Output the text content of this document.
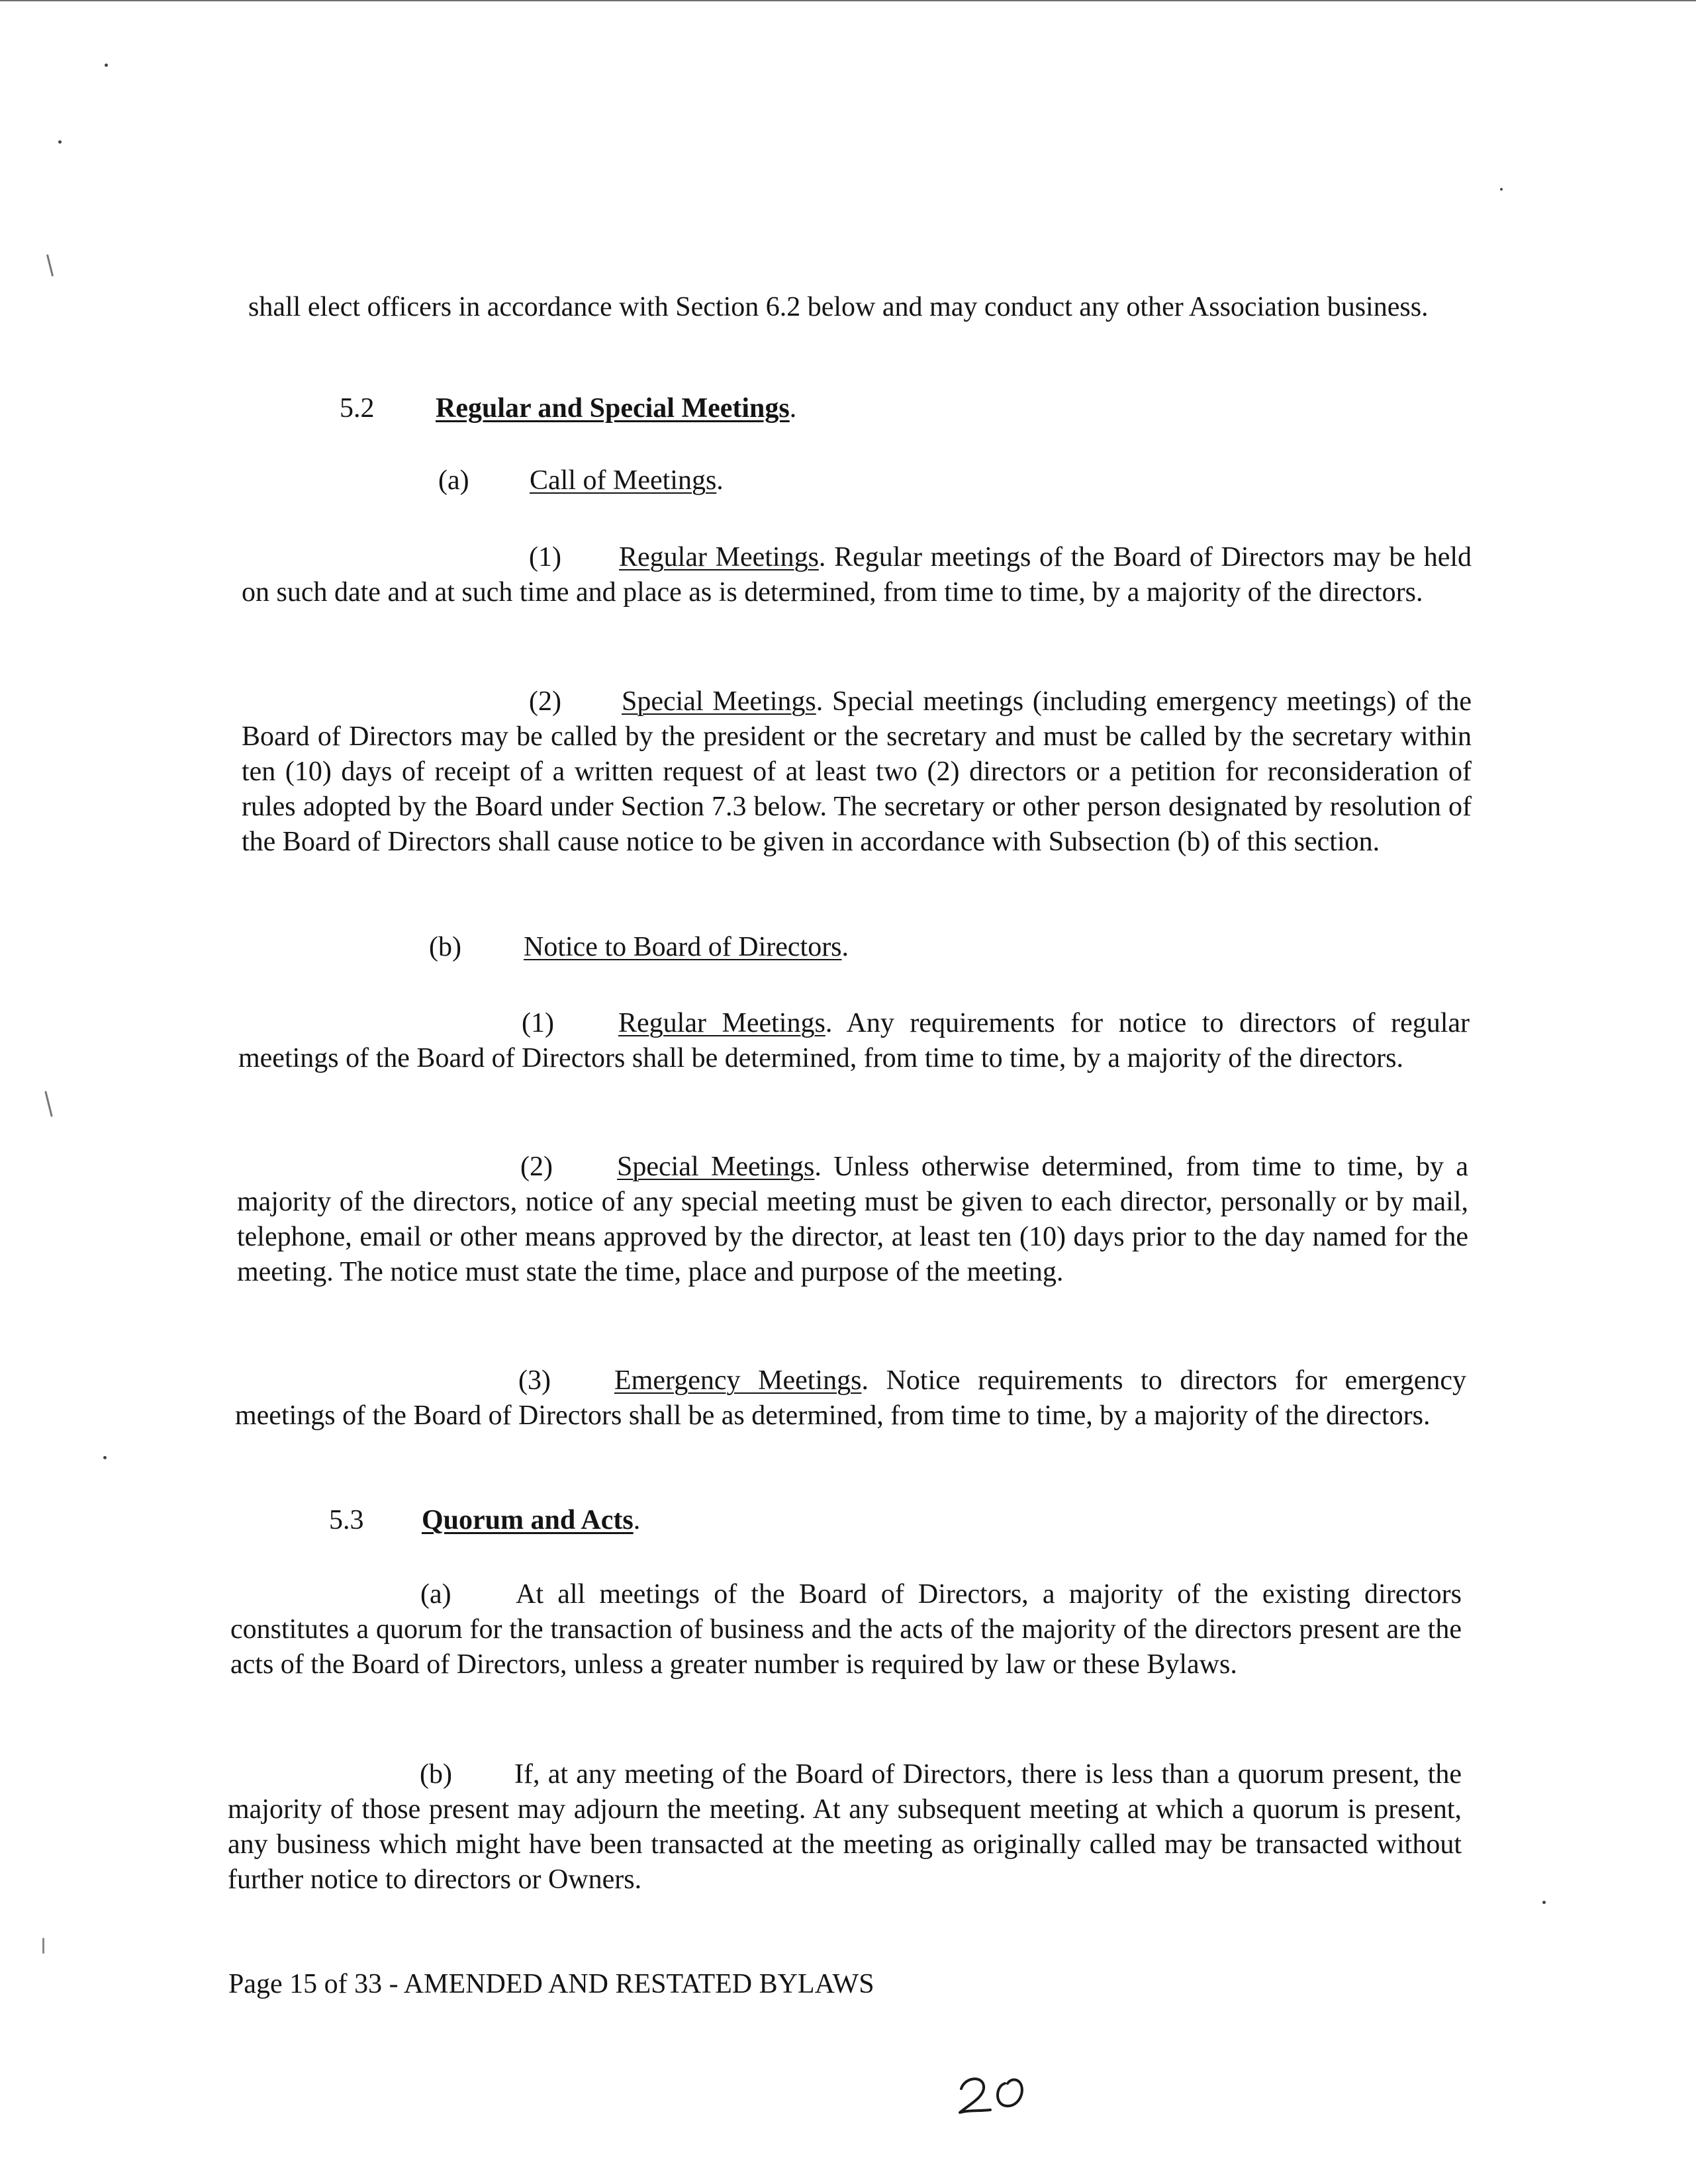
shall elect officers in accordance with Section 6.2 below and may conduct any other Association business.
5.2 Regular and Special Meetings.
(a) Call of Meetings.
(1) Regular Meetings. Regular meetings of the Board of Directors may be held on such date and at such time and place as is determined, from time to time, by a majority of the directors.
(2) Special Meetings. Special meetings (including emergency meetings) of the Board of Directors may be called by the president or the secretary and must be called by the secretary within ten (10) days of receipt of a written request of at least two (2) directors or a petition for reconsideration of rules adopted by the Board under Section 7.3 below. The secretary or other person designated by resolution of the Board of Directors shall cause notice to be given in accordance with Subsection (b) of this section.
(b) Notice to Board of Directors.
(1) Regular Meetings. Any requirements for notice to directors of regular meetings of the Board of Directors shall be determined, from time to time, by a majority of the directors.
(2) Special Meetings. Unless otherwise determined, from time to time, by a majority of the directors, notice of any special meeting must be given to each director, personally or by mail, telephone, email or other means approved by the director, at least ten (10) days prior to the day named for the meeting. The notice must state the time, place and purpose of the meeting.
(3) Emergency Meetings. Notice requirements to directors for emergency meetings of the Board of Directors shall be as determined, from time to time, by a majority of the directors.
5.3 Quorum and Acts.
(a) At all meetings of the Board of Directors, a majority of the existing directors constitutes a quorum for the transaction of business and the acts of the majority of the directors present are the acts of the Board of Directors, unless a greater number is required by law or these Bylaws.
(b) If, at any meeting of the Board of Directors, there is less than a quorum present, the majority of those present may adjourn the meeting. At any subsequent meeting at which a quorum is present, any business which might have been transacted at the meeting as originally called may be transacted without further notice to directors or Owners.
Page 15 of 33 - AMENDED AND RESTATED BYLAWS
